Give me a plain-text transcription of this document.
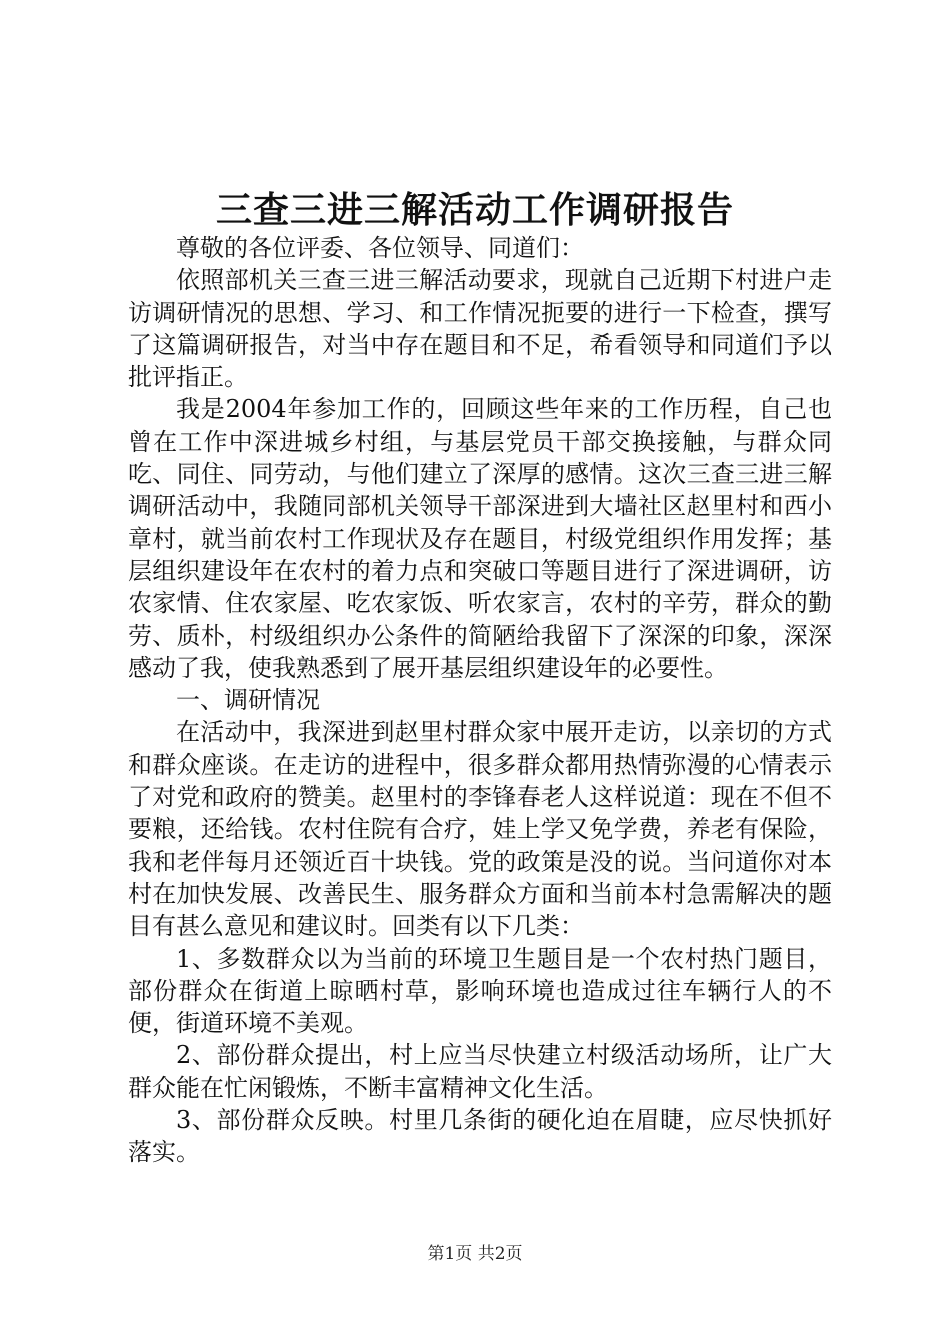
三查三进三解活动工作调研报告

尊敬的各位评委、各位领导、同道们：

依照部机关三查三进三解活动要求，现就自己近期下村进户走访调研情况的思想、学习、和工作情况扼要的进行一下检查，撰写了这篇调研报告，对当中存在题目和不足，希看领导和同道们予以批评指正。

我是2004年参加工作的，回顾这些年来的工作历程，自己也曾在工作中深进城乡村组，与基层党员干部交换接触，与群众同吃、同住、同劳动，与他们建立了深厚的感情。这次三查三进三解调研活动中，我随同部机关领导干部深进到大墙社区赵里村和西小章村，就当前农村工作现状及存在题目，村级党组织作用发挥；基层组织建设年在农村的着力点和突破口等题目进行了深进调研，访农家情、住农家屋、吃农家饭、听农家言，农村的辛劳，群众的勤劳、质朴，村级组织办公条件的简陋给我留下了深深的印象，深深感动了我，使我熟悉到了展开基层组织建设年的必要性。

一、调研情况

在活动中，我深进到赵里村群众家中展开走访，以亲切的方式和群众座谈。在走访的进程中，很多群众都用热情弥漫的心情表示了对党和政府的赞美。赵里村的李锋春老人这样说道：现在不但不要粮，还给钱。农村住院有合疗，娃上学又免学费，养老有保险，我和老伴每月还领近百十块钱。党的政策是没的说。当问道你对本村在加快发展、改善民生、服务群众方面和当前本村急需解决的题目有甚么意见和建议时。回类有以下几类：

1、多数群众以为当前的环境卫生题目是一个农村热门题目，部份群众在街道上晾晒村草，影响环境也造成过往车辆行人的不便，街道环境不美观。

2、部份群众提出，村上应当尽快建立村级活动场所，让广大群众能在忙闲锻炼，不断丰富精神文化生活。

3、部份群众反映。村里几条街的硬化迫在眉睫，应尽快抓好落实。

第1页 共2页
